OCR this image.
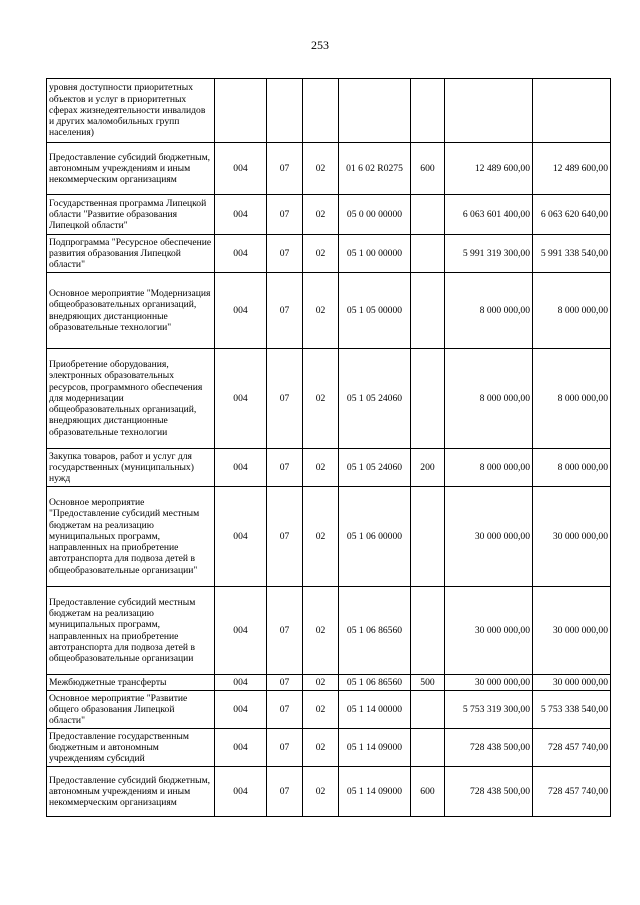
253
уровня доступности приоритетных объектов и услуг в приоритетных сферах жизнедеятельности инвалидов и других маломобильных групп населения)							
Предоставление субсидий бюджетным, автономным учреждениям и иным некоммерческим организациям	004	07	02	01 6 02 R0275	600	12 489 600,00	12 489 600,00
Государственная программа Липецкой области "Развитие образования Липецкой области"	004	07	02	05 0 00 00000		6 063 601 400,00	6 063 620 640,00
Подпрограмма "Ресурсное обеспечение развития образования Липецкой области"	004	07	02	05 1 00 00000		5 991 319 300,00	5 991 338 540,00
Основное мероприятие "Модернизация общеобразовательных организаций, внедряющих дистанционные образовательные технологии"	004	07	02	05 1 05 00000		8 000 000,00	8 000 000,00
Приобретение оборудования, электронных образовательных ресурсов, программного обеспечения для модернизации общеобразовательных организаций, внедряющих дистанционные образовательные технологии	004	07	02	05 1 05 24060		8 000 000,00	8 000 000,00
Закупка товаров, работ и услуг для государственных (муниципальных) нужд	004	07	02	05 1 05 24060	200	8 000 000,00	8 000 000,00
Основное мероприятие "Предоставление субсидий местным бюджетам на реализацию муниципальных программ, направленных на приобретение автотранспорта для подвоза детей в общеобразовательные организации"	004	07	02	05 1 06 00000		30 000 000,00	30 000 000,00
Предоставление субсидий местным бюджетам на реализацию муниципальных программ, направленных на приобретение автотранспорта для подвоза детей в общеобразовательные организации	004	07	02	05 1 06 86560		30 000 000,00	30 000 000,00
Межбюджетные трансферты	004	07	02	05 1 06 86560	500	30 000 000,00	30 000 000,00
Основное мероприятие "Развитие общего образования Липецкой области"	004	07	02	05 1 14 00000		5 753 319 300,00	5 753 338 540,00
Предоставление государственным бюджетным и автономным учреждениям субсидий	004	07	02	05 1 14 09000		728 438 500,00	728 457 740,00
Предоставление субсидий бюджетным, автономным учреждениям и иным некоммерческим организациям	004	07	02	05 1 14 09000	600	728 438 500,00	728 457 740,00
